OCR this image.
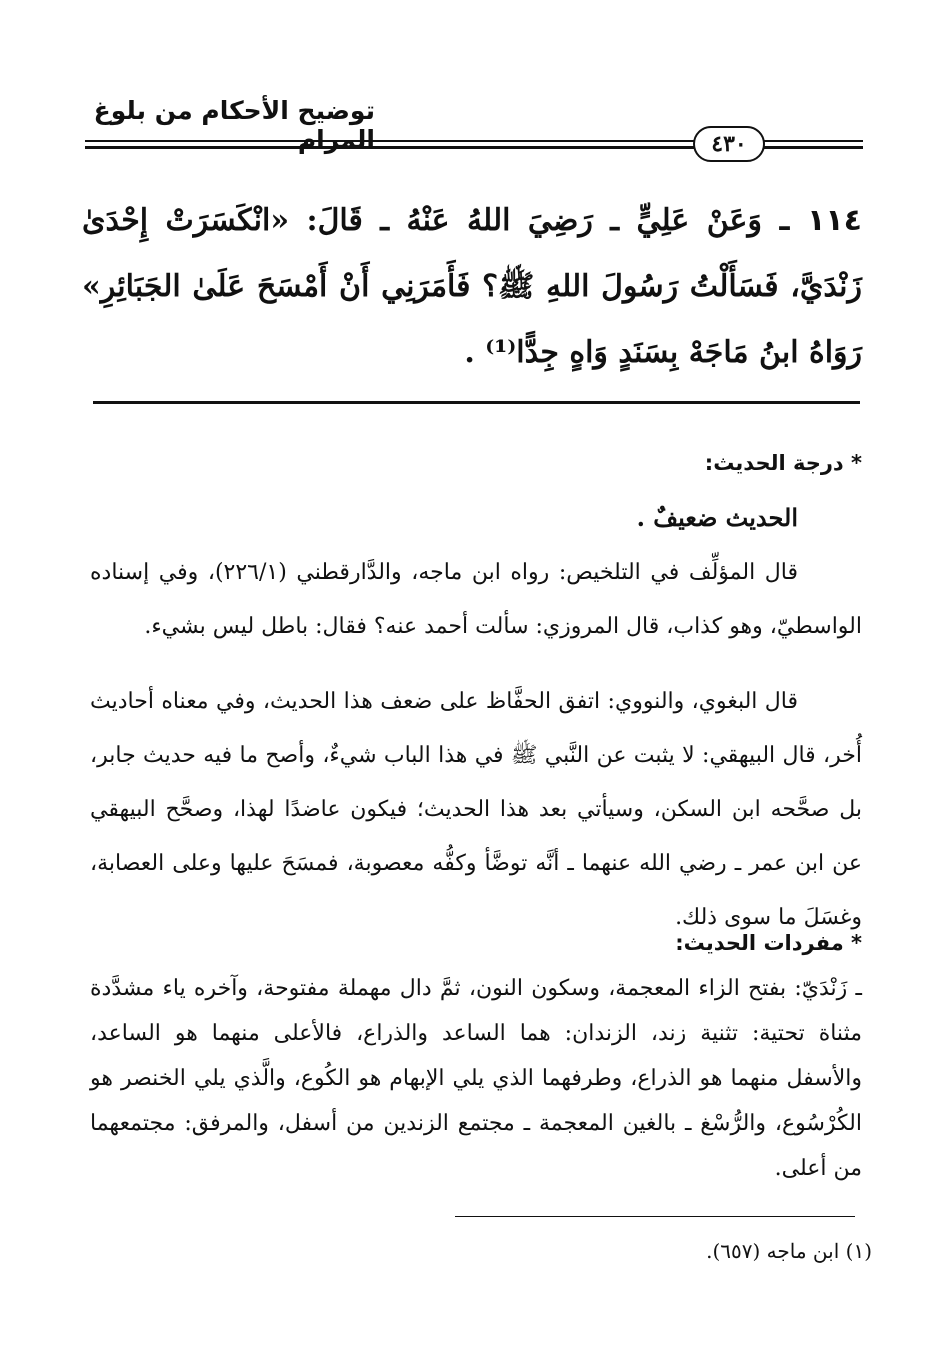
توضيح الأحكام من بلوغ المرام	٤٣٠
١١٤ ـ وَعَنْ عَلِيٍّ ـ رَضِيَ اللهُ عَنْهُ ـ قَالَ: «انْكَسَرَتْ إِحْدَىٰ زَنْدَيَّ، فَسَأَلْتُ رَسُولَ اللهِ ﷺ؟ فَأَمَرَنِي أَنْ أَمْسَحَ عَلَىٰ الجَبَائِرِ» رَوَاهُ ابنُ مَاجَهْ بِسَنَدٍ وَاهٍ جِدًّا⁽¹⁾ .
* درجة الحديث:
الحديث ضعيفٌ .
قال المؤلِّف في التلخيص: رواه ابن ماجه، والدَّارقطني (٢٢٦/١)، وفي إسناده الواسطيّ، وهو كذاب، قال المروزي: سألت أحمد عنه؟ فقال: باطل ليس بشيء.
قال البغوي، والنووي: اتفق الحفَّاظ على ضعف هذا الحديث، وفي معناه أحاديث أُخر، قال البيهقي: لا يثبت عن النَّبي ﷺ في هذا الباب شيءٌ، وأصح ما فيه حديث جابر، بل صحَّحه ابن السكن، وسيأتي بعد هذا الحديث؛ فيكون عاضدًا لهذا، وصحَّح البيهقي عن ابن عمر ـ رضي الله عنهما ـ أنَّه توضَّأ وكفُّه معصوبة، فمسَحَ عليها وعلى العصابة، وغسَلَ ما سوى ذلك.
* مفردات الحديث:
ـ زَنْدَيّ: بفتح الزاء المعجمة، وسكون النون، ثمَّ دال مهملة مفتوحة، وآخره ياء مشدَّدة مثناة تحتية: تثنية زند، الزندان: هما الساعد والذراع، فالأعلى منهما هو الساعد، والأسفل منهما هو الذراع، وطرفهما الذي يلي الإبهام هو الكُوع، والَّذي يلي الخنصر هو الكُرْسُوع، والرُّسْغ ـ بالغين المعجمة ـ مجتمع الزندين من أسفل، والمرفق: مجتمعهما من أعلى.
(١) ابن ماجه (٦٥٧).
